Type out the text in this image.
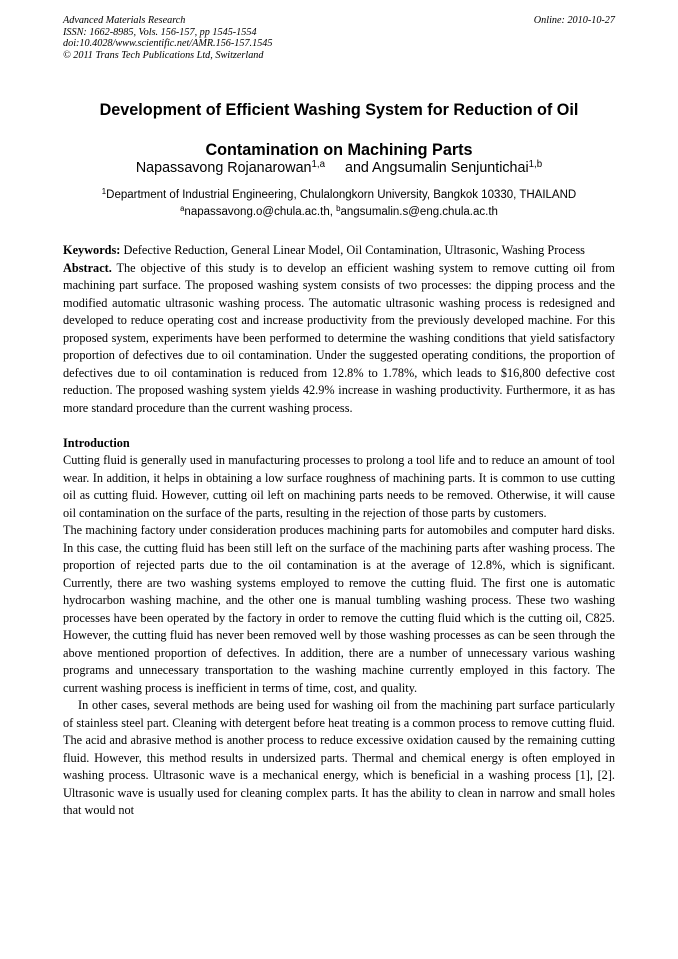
Advanced Materials Research
ISSN: 1662-8985, Vols. 156-157, pp 1545-1554
doi:10.4028/www.scientific.net/AMR.156-157.1545
© 2011 Trans Tech Publications Ltd, Switzerland
Online: 2010-10-27
Development of Efficient Washing System for Reduction of Oil
Contamination on Machining Parts
Napassavong Rojanarowan$^{1,a}$ and Angsumalin Senjuntichai$^{1,b}$
$^1$Department of Industrial Engineering, Chulalongkorn University, Bangkok 10330, THAILAND
$^a$napassavong.o@chula.ac.th, $^b$angsumalin.s@eng.chula.ac.th

Keywords: Defective Reduction, General Linear Model, Oil Contamination, Ultrasonic, Washing Process

Abstract. The objective of this study is to develop an efficient washing system to remove cutting oil from machining part surface. The proposed washing system consists of two processes: the dipping process and the modified automatic ultrasonic washing process. The automatic ultrasonic washing process is redesigned and developed to reduce operating cost and increase productivity from the previously developed machine. For this proposed system, experiments have been performed to determine the washing conditions that yield satisfactory proportion of defectives due to oil contamination. Under the suggested operating conditions, the proportion of defectives due to oil contamination is reduced from 12.8% to 1.78%, which leads to $16,800 defective cost reduction. The proposed washing system yields 42.9% increase in washing productivity. Furthermore, it as has more standard procedure than the current washing process.

Introduction

Cutting fluid is generally used in manufacturing processes to prolong a tool life and to reduce an amount of tool wear. In addition, it helps in obtaining a low surface roughness of machining parts. It is common to use cutting oil as cutting fluid. However, cutting oil left on machining parts needs to be removed. Otherwise, it will cause oil contamination on the surface of the parts, resulting in the rejection of those parts by customers.

The machining factory under consideration produces machining parts for automobiles and computer hard disks. In this case, the cutting fluid has been still left on the surface of the machining parts after washing process. The proportion of rejected parts due to the oil contamination is at the average of 12.8%, which is significant. Currently, there are two washing systems employed to remove the cutting fluid. The first one is automatic hydrocarbon washing machine, and the other one is manual tumbling washing process. These two washing processes have been operated by the factory in order to remove the cutting fluid which is the cutting oil, C825. However, the cutting fluid has never been removed well by those washing processes as can be seen through the above mentioned proportion of defectives. In addition, there are a number of unnecessary various washing programs and unnecessary transportation to the washing machine currently employed in this factory. The current washing process is inefficient in terms of time, cost, and quality.

In other cases, several methods are being used for washing oil from the machining part surface particularly of stainless steel part. Cleaning with detergent before heat treating is a common process to remove cutting fluid. The acid and abrasive method is another process to reduce excessive oxidation caused by the remaining cutting fluid. However, this method results in undersized parts. Thermal and chemical energy is often employed in washing process. Ultrasonic wave is a mechanical energy, which is beneficial in a washing process [1], [2]. Ultrasonic wave is usually used for cleaning complex parts. It has the ability to clean in narrow and small holes that would not
